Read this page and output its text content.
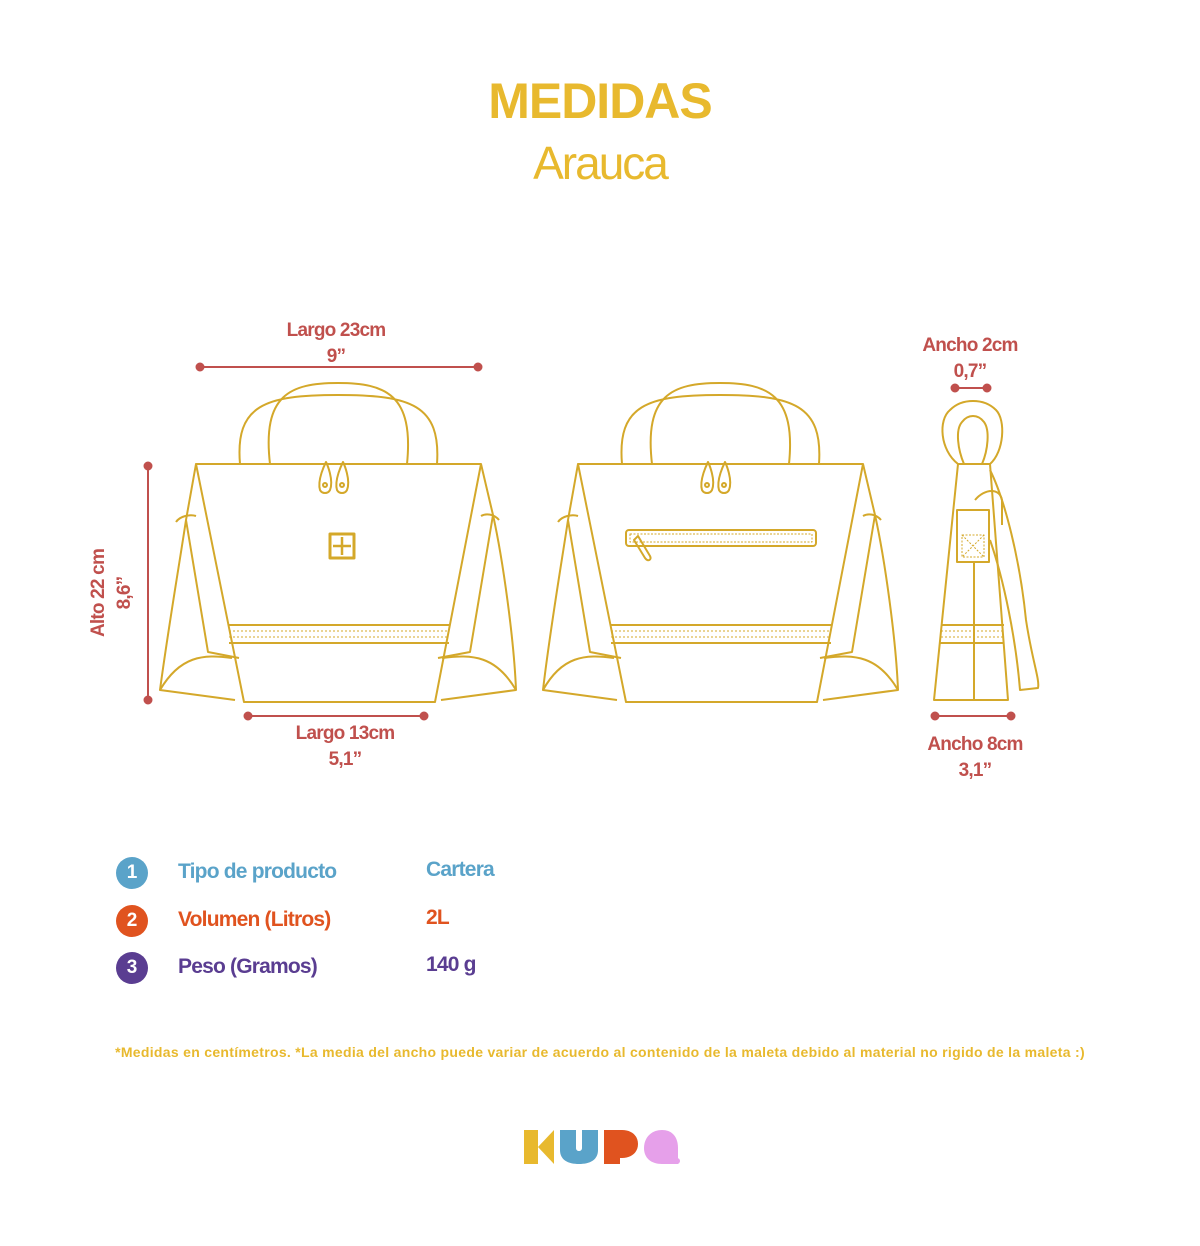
MEDIDAS
Arauca
Largo 23cm
9”
Alto 22 cm 8,6”
Largo 13cm
5,1”
Ancho 2cm
0,7”
Ancho 8cm
3,1”
1	Tipo de producto	Cartera
2	Volumen (Litros)	2L
3	Peso (Gramos)	140 g
*Medidas en centímetros. *La media del ancho puede variar de acuerdo al contenido de la maleta debido al material no rigido de la maleta :)
